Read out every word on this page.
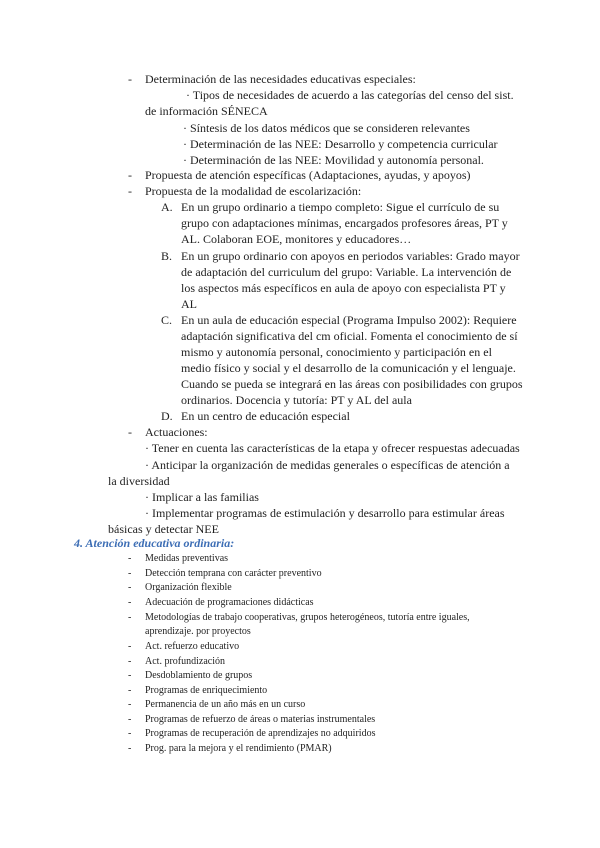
- Determinación de las necesidades educativas especiales:
· Tipos de necesidades de acuerdo a las categorías del censo del sist.
de información SÉNECA
· Síntesis de los datos médicos que se consideren relevantes
· Determinación de las NEE: Desarrollo y competencia curricular
· Determinación de las NEE: Movilidad y autonomía personal.
- Propuesta de atención específicas (Adaptaciones, ayudas, y apoyos)
- Propuesta de la modalidad de escolarización:
A. En un grupo ordinario a tiempo completo: Sigue el currículo de su
grupo con adaptaciones mínimas, encargados profesores áreas, PT y
AL. Colaboran EOE, monitores y educadores…
B. En un grupo ordinario con apoyos en periodos variables: Grado mayor
de adaptación del curriculum del grupo: Variable. La intervención de
los aspectos más específicos en aula de apoyo con especialista PT y
AL
C. En un aula de educación especial (Programa Impulso 2002): Requiere
adaptación significativa del cm oficial. Fomenta el conocimiento de sí
mismo y autonomía personal, conocimiento y participación en el
medio físico y social y el desarrollo de la comunicación y el lenguaje.
Cuando se pueda se integrará en las áreas con posibilidades con grupos
ordinarios. Docencia y tutoría: PT y AL del aula
D. En un centro de educación especial
- Actuaciones:
· Tener en cuenta las características de la etapa y ofrecer respuestas adecuadas
· Anticipar la organización de medidas generales o específicas de atención a
la diversidad
· Implicar a las familias
· Implementar programas de estimulación y desarrollo para estimular áreas
básicas y detectar NEE
4. Atención educativa ordinaria:
- Medidas preventivas
- Detección temprana con carácter preventivo
- Organización flexible
- Adecuación de programaciones didácticas
- Metodologías de trabajo cooperativas, grupos heterogéneos, tutoría entre iguales,
aprendizaje. por proyectos
- Act. refuerzo educativo
- Act. profundización
- Desdoblamiento de grupos
- Programas de enriquecimiento
- Permanencia de un año más en un curso
- Programas de refuerzo de áreas o materias instrumentales
- Programas de recuperación de aprendizajes no adquiridos
- Prog. para la mejora y el rendimiento (PMAR)
